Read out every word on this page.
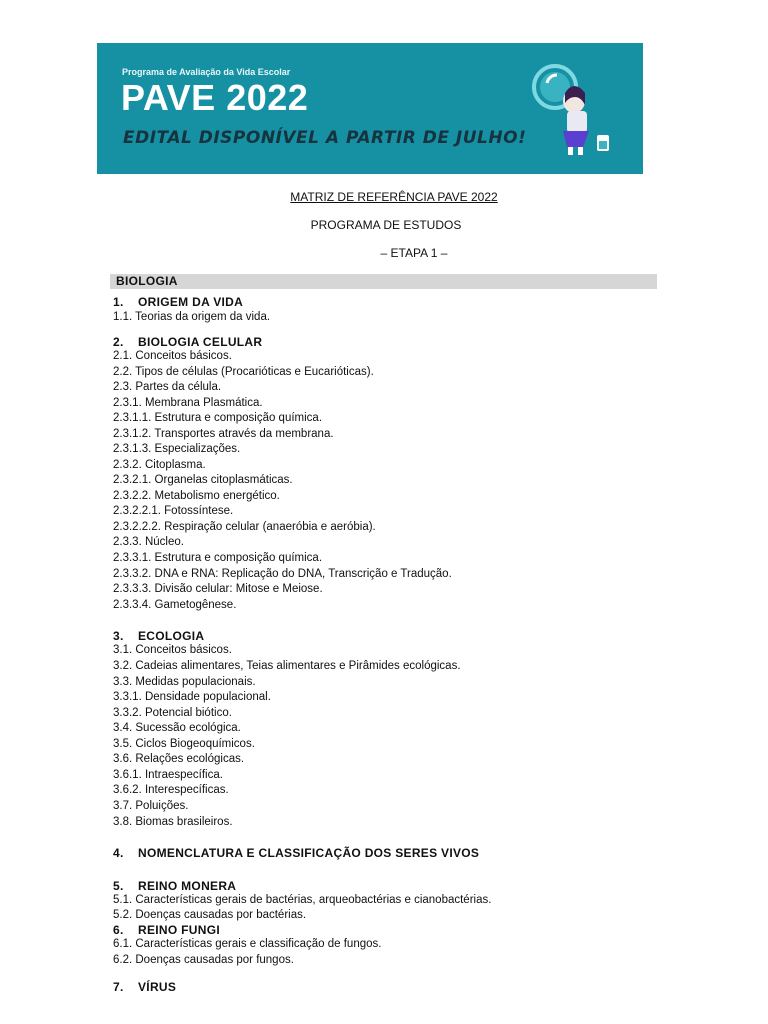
Programa de Avaliação da Vida Escolar
PAVE 2022
EDITAL DISPONÍVEL A PARTIR DE JULHO!
MATRIZ DE REFERÊNCIA PAVE 2022
PROGRAMA DE ESTUDOS
– ETAPA 1 –
BIOLOGIA
1. ORIGEM DA VIDA
1.1. Teorias da origem da vida.
2. BIOLOGIA CELULAR
2.1. Conceitos básicos.
2.2. Tipos de células (Procarióticas e Eucarióticas).
2.3. Partes da célula.
2.3.1. Membrana Plasmática.
2.3.1.1. Estrutura e composição química.
2.3.1.2. Transportes através da membrana.
2.3.1.3. Especializações.
2.3.2. Citoplasma.
2.3.2.1. Organelas citoplasmáticas.
2.3.2.2. Metabolismo energético.
2.3.2.2.1. Fotossíntese.
2.3.2.2.2. Respiração celular (anaeróbia e aeróbia).
2.3.3. Núcleo.
2.3.3.1. Estrutura e composição química.
2.3.3.2. DNA e RNA: Replicação do DNA, Transcrição e Tradução.
2.3.3.3. Divisão celular: Mitose e Meiose.
2.3.3.4. Gametogênese.
3. ECOLOGIA
3.1. Conceitos básicos.
3.2. Cadeias alimentares, Teias alimentares e Pirâmides ecológicas.
3.3. Medidas populacionais.
3.3.1. Densidade populacional.
3.3.2. Potencial biótico.
3.4. Sucessão ecológica.
3.5. Ciclos Biogeoquímicos.
3.6. Relações ecológicas.
3.6.1. Intraespecífica.
3.6.2. Interespecíficas.
3.7. Poluições.
3.8. Biomas brasileiros.
4. NOMENCLATURA E CLASSIFICAÇÃO DOS SERES VIVOS
5. REINO MONERA
5.1. Características gerais de bactérias, arqueobactérias e cianobactérias.
5.2. Doenças causadas por bactérias.
6. REINO FUNGI
6.1. Características gerais e classificação de fungos.
6.2. Doenças causadas por fungos.
7. VÍRUS
